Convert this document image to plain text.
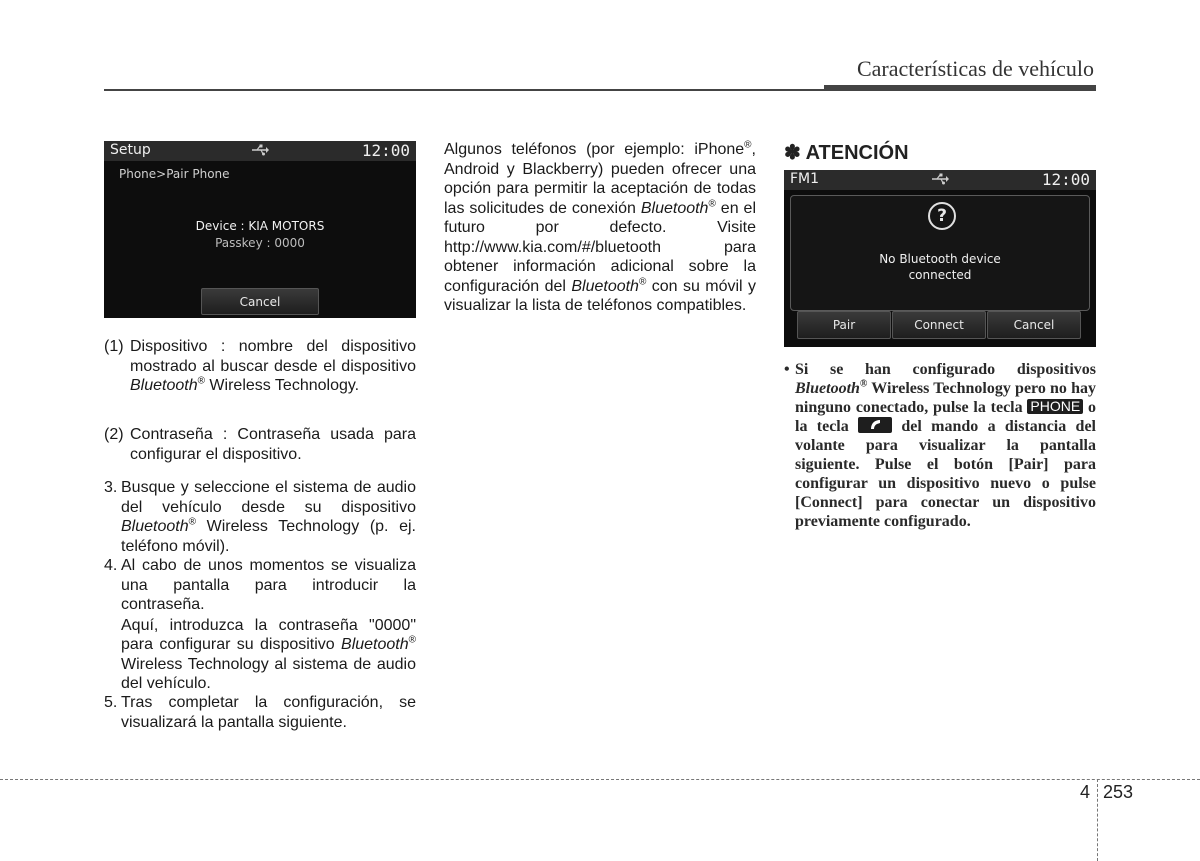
Características de vehículo
Setup	12:00
Phone>Pair Phone
Device : KIA MOTORS
Passkey : 0000
Cancel
(1) Dispositivo : nombre del dispositivo mostrado al buscar desde el dispositivo Bluetooth® Wireless Technology.
(2) Contraseña : Contraseña usada para configurar el dispositivo.
3. Busque y seleccione el sistema de audio del vehículo desde su dispositivo Bluetooth® Wireless Technology (p. ej. teléfono móvil).
4. Al cabo de unos momentos se visualiza una pantalla para introducir la contraseña.
Aquí, introduzca la contraseña "0000" para configurar su dispositivo Bluetooth® Wireless Technology al sistema de audio del vehículo.
5. Tras completar la configuración, se visualizará la pantalla siguiente.
Algunos teléfonos (por ejemplo: iPhone®, Android y Blackberry) pueden ofrecer una opción para permitir la aceptación de todas las solicitudes de conexión Bluetooth® en el futuro por defecto. Visite http://www.kia.com/#/bluetooth para obtener información adicional sobre la configuración del Bluetooth® con su móvil y visualizar la lista de teléfonos compatibles.
✽ ATENCIÓN
FM1	12:00
?
No Bluetooth device
connected
Pair	Connect	Cancel
• Si se han configurado dispositivos Bluetooth® Wireless Technology pero no hay ninguno conectado, pulse la tecla PHONE o la tecla
del mando a distancia del volante para visualizar la pantalla siguiente. Pulse el botón [Pair] para configurar un dispositivo nuevo o pulse [Connect] para conectar un dispositivo previamente configurado.
4 253
